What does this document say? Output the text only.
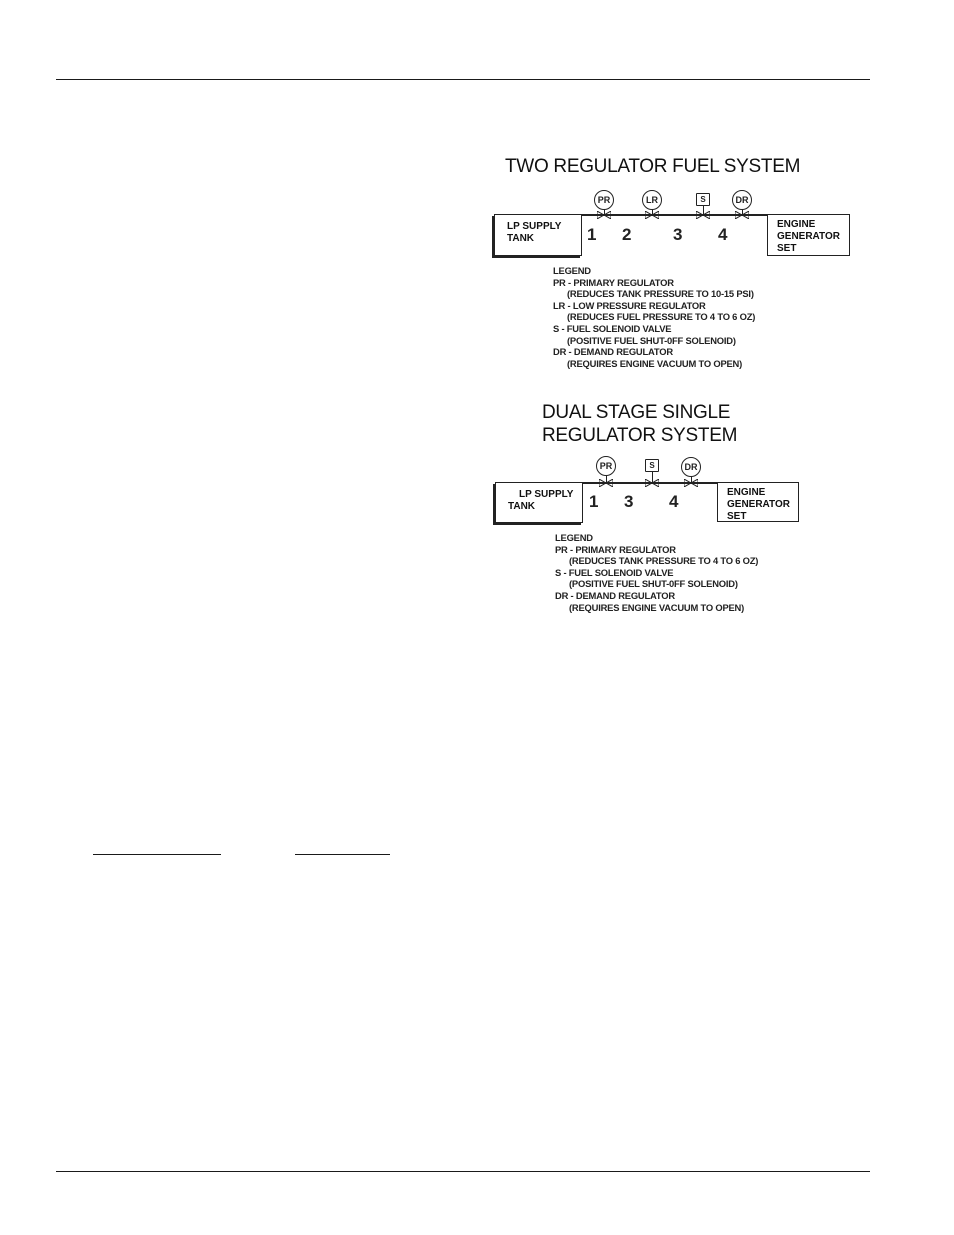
TWO REGULATOR FUEL SYSTEM
LP SUPPLY
TANK
ENGINE
GENERATOR
SET
PR	LR	S	DR
1 2 3 4
LEGEND
PR - PRIMARY REGULATOR
(REDUCES TANK PRESSURE TO 10-15 PSI)
LR - LOW PRESSURE REGULATOR
(REDUCES FUEL PRESSURE TO 4 TO 6 OZ)
S - FUEL SOLENOID VALVE
(POSITIVE FUEL SHUT-0FF SOLENOID)
DR - DEMAND REGULATOR
(REQUIRES ENGINE VACUUM TO OPEN)
DUAL STAGE SINGLE
REGULATOR SYSTEM
LP SUPPLY
TANK
ENGINE
GENERATOR
SET
PR	S	DR
1 3 4
LEGEND
PR - PRIMARY REGULATOR
(REDUCES TANK PRESSURE TO 4 TO 6 OZ)
S - FUEL SOLENOID VALVE
(POSITIVE FUEL SHUT-0FF SOLENOID)
DR - DEMAND REGULATOR
(REQUIRES ENGINE VACUUM TO OPEN)
